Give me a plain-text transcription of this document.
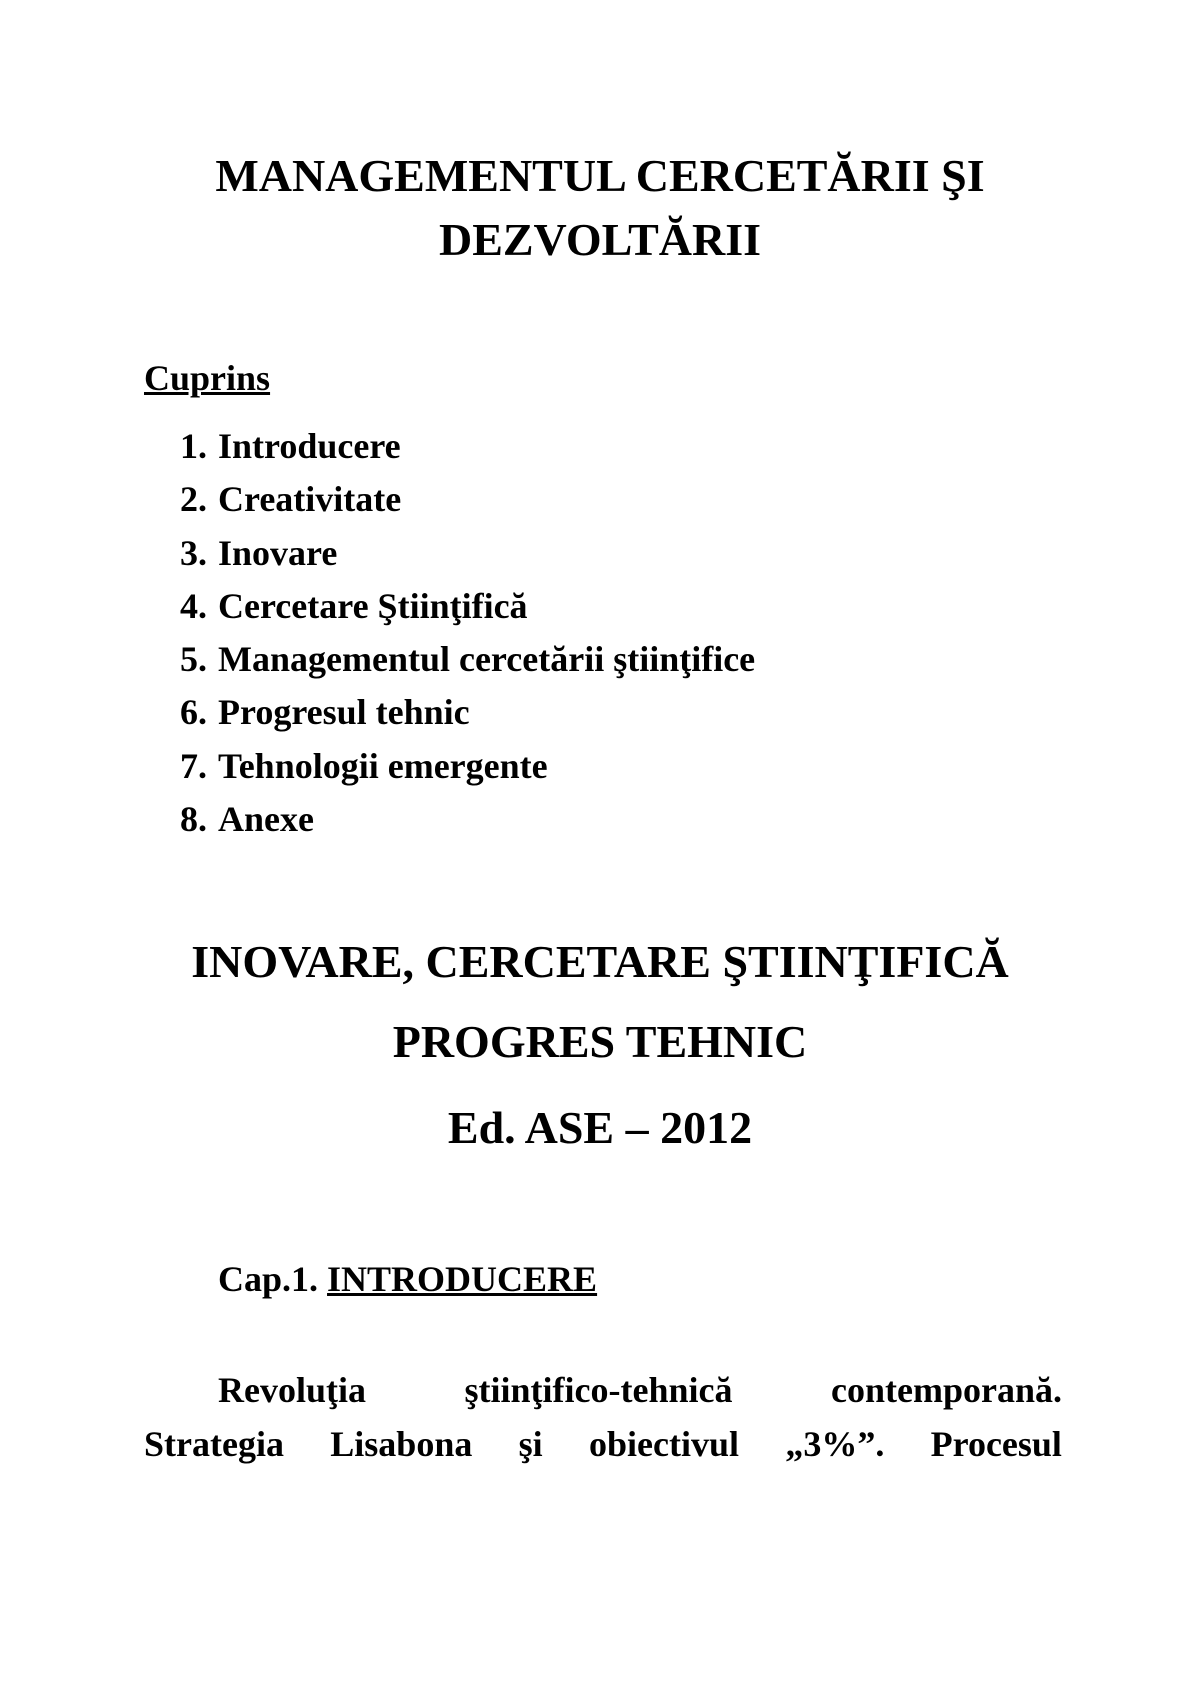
MANAGEMENTUL CERCETĂRII ŞI
DEZVOLTĂRII
Cuprins
1. Introducere
2. Creativitate
3. Inovare
4. Cercetare Ştiinţifică
5. Managementul cercetării ştiinţifice
6. Progresul tehnic
7. Tehnologii emergente
8. Anexe
INOVARE, CERCETARE ŞTIINŢIFICĂ
PROGRES TEHNIC
Ed. ASE – 2012
Cap.1. INTRODUCERE

Revoluţia	ştiinţifico-tehnică	contemporană.

Strategia Lisabona şi obiectivul „3%”. Procesul
